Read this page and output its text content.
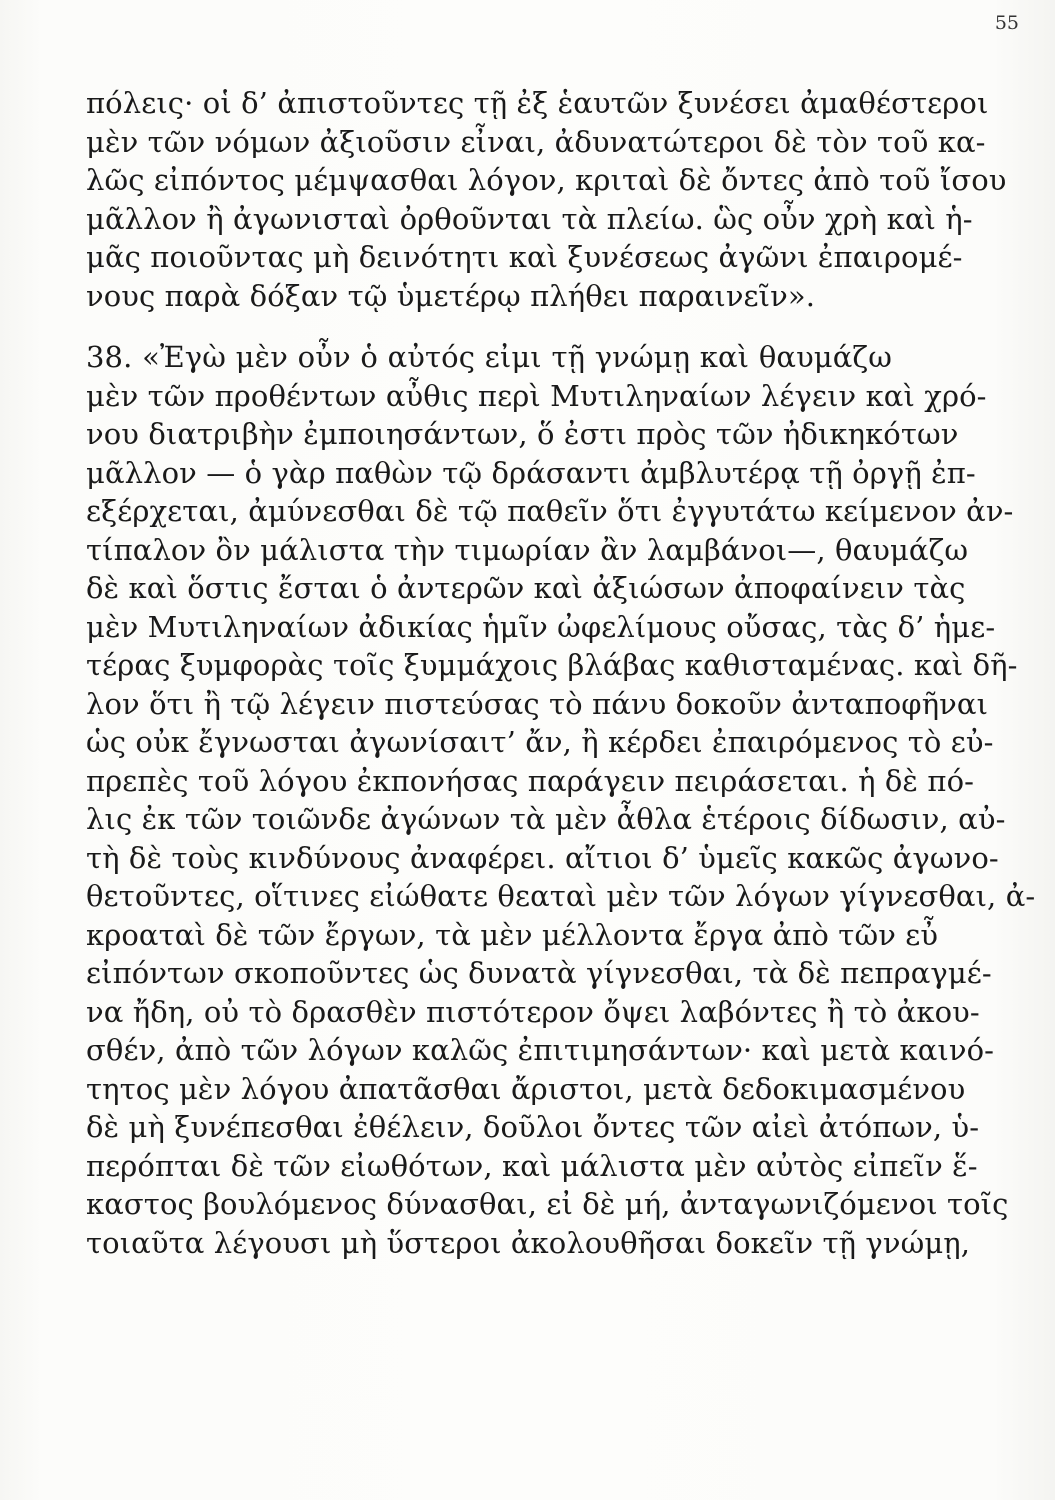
55
πόλεις· οἱ δ’ ἀπιστοῦντες τῇ ἐξ ἑαυτῶν ξυνέσει ἀμαθέστεροι
μὲν τῶν νόμων ἀξιοῦσιν εἶναι, ἀδυνατώτεροι δὲ τὸν τοῦ κα-
λῶς εἰπόντος μέμψασθαι λόγον, κριταὶ δὲ ὄντες ἀπὸ τοῦ ἴσου
μᾶλλον ἢ ἀγωνισταὶ ὀρθοῦνται τὰ πλείω. ὣς οὖν χρὴ καὶ ἡ-
μᾶς ποιοῦντας μὴ δεινότητι καὶ ξυνέσεως ἀγῶνι ἐπαιρομέ-
νους παρὰ δόξαν τῷ ὑμετέρῳ πλήθει παραινεῖν».
38. «Ἐγὼ μὲν οὖν ὁ αὐτός εἰμι τῇ γνώμῃ καὶ θαυμάζω
μὲν τῶν προθέντων αὖθις περὶ Μυτιληναίων λέγειν καὶ χρό-
νου διατριβὴν ἐμποιησάντων, ὅ ἐστι πρὸς τῶν ἠδικηκότων
μᾶλλον — ὁ γὰρ παθὼν τῷ δράσαντι ἀμβλυτέρᾳ τῇ ὀργῇ ἐπ-
εξέρχεται, ἀμύνεσθαι δὲ τῷ παθεῖν ὅτι ἐγγυτάτω κείμενον ἀν-
τίπαλον ὂν μάλιστα τὴν τιμωρίαν ἂν λαμβάνοι—, θαυμάζω
δὲ καὶ ὅστις ἔσται ὁ ἀντερῶν καὶ ἀξιώσων ἀποφαίνειν τὰς
μὲν Μυτιληναίων ἀδικίας ἡμῖν ὠφελίμους οὔσας, τὰς δ’ ἡμε-
τέρας ξυμφορὰς τοῖς ξυμμάχοις βλάβας καθισταμένας. καὶ δῆ-
λον ὅτι ἢ τῷ λέγειν πιστεύσας τὸ πάνυ δοκοῦν ἀνταποφῆναι
ὡς οὐκ ἔγνωσται ἀγωνίσαιτ’ ἄν, ἢ κέρδει ἐπαιρόμενος τὸ εὐ-
πρεπὲς τοῦ λόγου ἐκπονήσας παράγειν πειράσεται. ἡ δὲ πό-
λις ἐκ τῶν τοιῶνδε ἀγώνων τὰ μὲν ἆθλα ἑτέροις δίδωσιν, αὐ-
τὴ δὲ τοὺς κινδύνους ἀναφέρει. αἴτιοι δ’ ὑμεῖς κακῶς ἀγωνο-
θετοῦντες, οἵτινες εἰώθατε θεαταὶ μὲν τῶν λόγων γίγνεσθαι, ἀ-
κροαταὶ δὲ τῶν ἔργων, τὰ μὲν μέλλοντα ἔργα ἀπὸ τῶν εὖ
εἰπόντων σκοποῦντες ὡς δυνατὰ γίγνεσθαι, τὰ δὲ πεπραγμέ-
να ἤδη, οὐ τὸ δρασθὲν πιστότερον ὄψει λαβόντες ἢ τὸ ἀκου-
σθέν, ἀπὸ τῶν λόγων καλῶς ἐπιτιμησάντων· καὶ μετὰ καινό-
τητος μὲν λόγου ἀπατᾶσθαι ἄριστοι, μετὰ δεδοκιμασμένου
δὲ μὴ ξυνέπεσθαι ἐθέλειν, δοῦλοι ὄντες τῶν αἰεὶ ἀτόπων, ὑ-
περόπται δὲ τῶν εἰωθότων, καὶ μάλιστα μὲν αὐτὸς εἰπεῖν ἕ-
καστος βουλόμενος δύνασθαι, εἰ δὲ μή, ἀνταγωνιζόμενοι τοῖς
τοιαῦτα λέγουσι μὴ ὕστεροι ἀκολουθῆσαι δοκεῖν τῇ γνώμῃ,
